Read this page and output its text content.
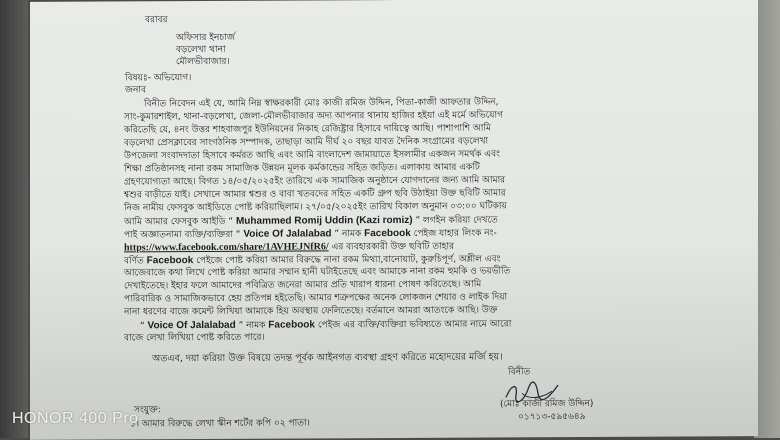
বরাবর
অফিসার ইনচার্জ
বড়লেখা থানা
মৌলভীবাজার।
বিষয়ঃ- অভিযোগ।
জনাব
বিনীত নিবেদন এই যে, আমি নিম্ন স্বাক্ষরকারী মোঃ কাজী রমিজ উদ্দিন, পিতা-কাজী আফতার উদ্দিন,
সাং-কুমারশাইল, থানা-বড়লেখা, জেলা-মৌলভীবাজার অদ্য আপনার থানায় হাজির হইয়া এই মর্মে অভিযোগ
করিতেছি যে, ৪নং উত্তর শাহবাজপুর ইউনিয়নের নিকাহ রেজিষ্ট্রার হিসাবে দায়িত্বে আছি। পাশাপাশি আমি
বড়লেখা প্রেসক্লাবের সাংগঠনিক সম্পাদক, তাছাড়া আমি দীর্ঘ ২০ বছর যাবত দৈনিক সংগ্রামের বড়লেখা
উপজেলা সংবাদদাতা হিসাবে কর্মরত আছি এবং আমি বাংলাদেশ জামায়াতে ইসলামীর একজন সমর্থক এবং
শিক্ষা প্রতিষ্ঠানসহ নানা রকম সামাজিক উন্নয়ন মূলক কর্মকান্ডের সহিত জড়িত। এলাকায় আমার একটি
গ্রহণযোগ্যতা আছে। বিগত ১৪/০৫/২০২৫ইং তারিখে এক সামাজিক অনুষ্ঠানে যোগদানের জন্য আমি আমার
শ্বশুর বাড়ীতে যাই। সেখানে আমার শ্বশুর ও বাবা খতবদের সহিত একটি গ্রুপ ছবি উঠাইয়া উক্ত ছবিটি আমার
নিজ নামীয় ফেসবুক আইডিতে পোষ্ট করিয়াছিলাম। ২৭/০৫/২০২৫ইং তারিখ বিকাল অনুমান ০৩:০০ ঘটিকায়
আমি আমার ফেসবুক আইডি “ Muhammed Romij Uddin (Kazi romiz) ” লগইন করিয়া দেখতে
পাই অজ্ঞাতনামা ব্যক্তি/ব্যক্তিরা “ Voice Of Jalalabad ” নামক Facebook পেইজ যাহার লিংক নং-
https://www.facebook.com/share/1AVHEJNfR6/ এর ব্যবহারকারী উক্ত ছবিটি তাহার
বর্ণিত Facebook পেইজে পোষ্ট করিয়া আমার বিরুদ্ধে নানা রকম মিথ্যা,বানোয়াট, কুরুচিপূর্ণ, অশ্লীল এবং
আজেবাজে কথা লিখে পোষ্ট করিয়া আমার সম্মান হানী ঘটাইতেছে এবং আমাকে নানা রকম হুমকি ও ভয়ভীতি
দেখাইতেছে। ইহার ফলে আমাদের পবিত্রিত জনেরা আমার প্রতি খারাপ ধারনা পোষণ করিতেছে। আমি
পারিবারিক ও সামাজিকভাবে হেয় প্রতিপন্ন হইতেছি। আমার শত্রুপক্ষের অনেক লোকজন শেয়ার ও লাইক দিয়া
নানা ধরণের বাজে কমেন্ট লিখিয়া আমাকে হিয় অবস্থায় ফেলিতেছে। বর্তমানে আমরা আতংকে আছি। উক্ত
“ Voice Of Jalalabad ” নামক Facebook পেইজ এর ব্যক্তি/ব্যক্তিরা ভবিষ্যতে আমার নামে আরো
বাজে লেখা লিখিয়া পোষ্ট করিতে পারে।
অতএব, দয়া করিয়া উক্ত বিষয়ে তদন্ত পূর্বক আইনগত ব্যবস্থা গ্রহণ করিতে মহোদয়ের মর্জি হয়।
বিনীত
(মোঃ কাজী রমিজ উদ্দিন)
০১৭১৩-৫৯৫৬৪৯
সংযুক্ত:
১। আমার বিরুদ্ধে লেখা স্কীন শর্টের কপি ০২ পাতা।
HONOR 400 Pro
